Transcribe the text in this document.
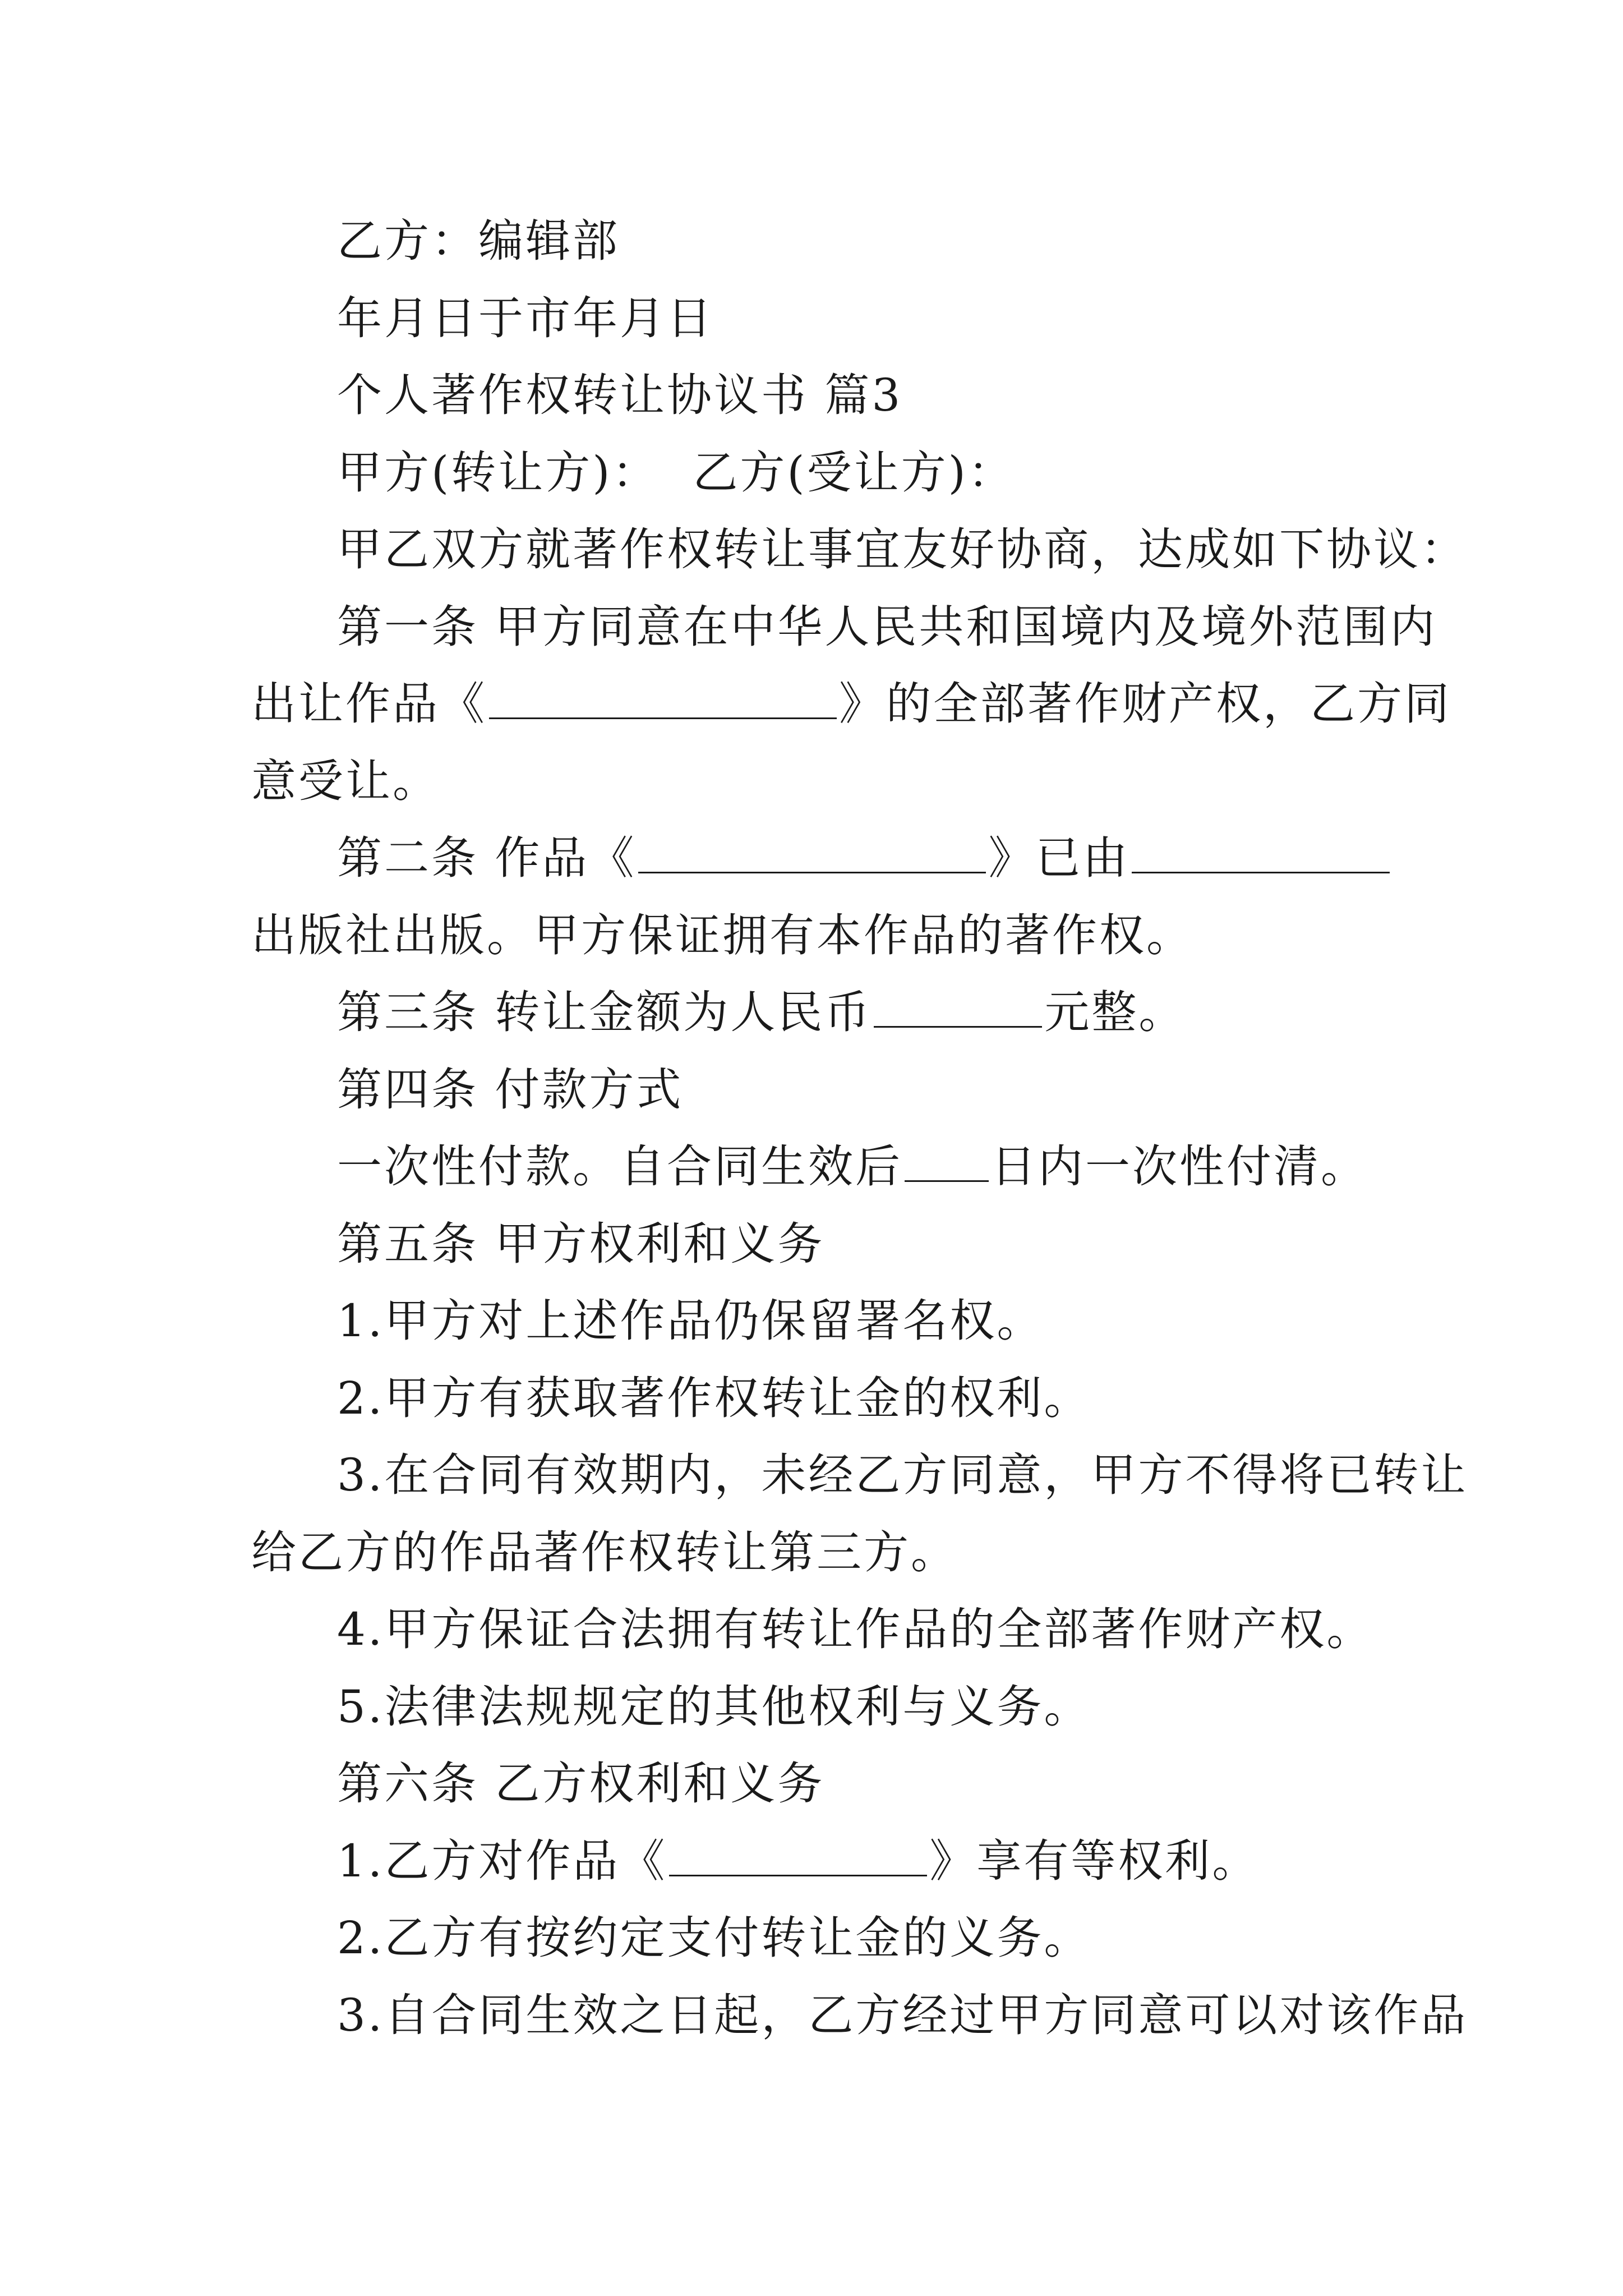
乙方：编辑部
年月日于市年月日
个人著作权转让协议书 篇3
甲方(转让方)： 乙方(受让方)：
甲乙双方就著作权转让事宜友好协商，达成如下协议：
第一条 甲方同意在中华人民共和国境内及境外范围内
出让作品《	》的全部著作财产权，乙方同
意受让。
第二条 作品《	》已由
出版社出版。甲方保证拥有本作品的著作权。
第三条 转让金额为人民币	元整。
第四条 付款方式
一次性付款。自合同生效后 日内一次性付清。
第五条 甲方权利和义务
1.甲方对上述作品仍保留署名权。
2.甲方有获取著作权转让金的权利。
3.在合同有效期内，未经乙方同意，甲方不得将已转让
给乙方的作品著作权转让第三方。
4.甲方保证合法拥有转让作品的全部著作财产权。
5.法律法规规定的其他权利与义务。
第六条 乙方权利和义务
1.乙方对作品《	》享有等权利。
2.乙方有按约定支付转让金的义务。
3.自合同生效之日起，乙方经过甲方同意可以对该作品
